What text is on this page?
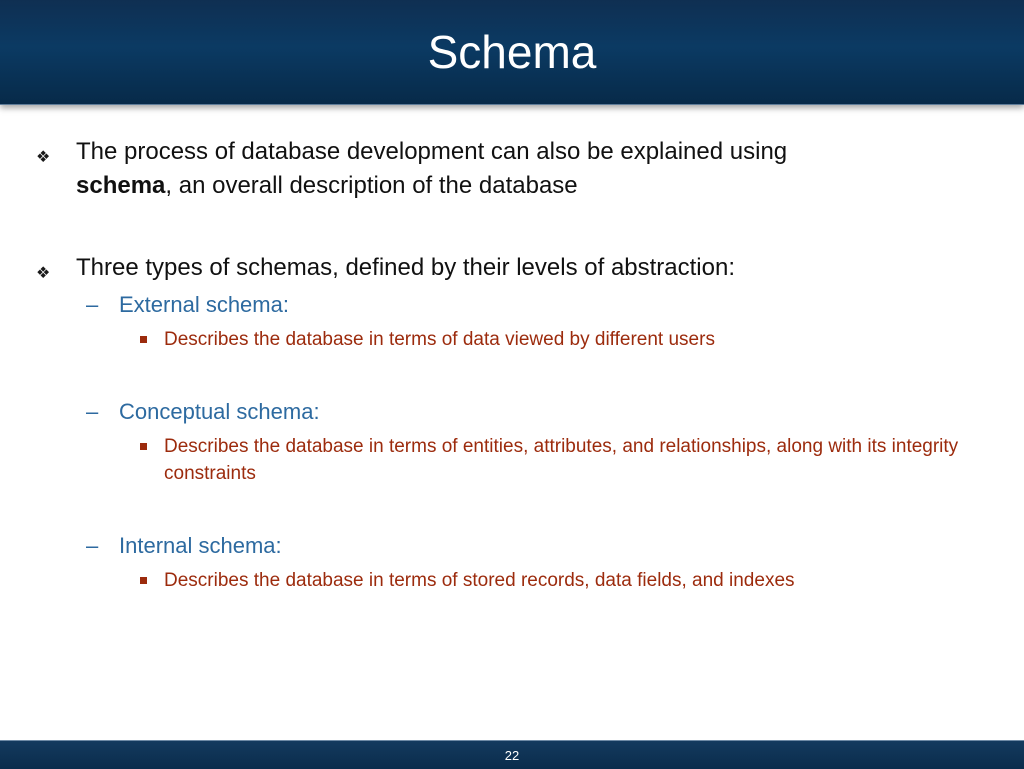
Schema
❖ The process of database development can also be explained using
schema, an overall description of the database
❖ Three types of schemas, defined by their levels of abstraction:
– External schema:
Describes the database in terms of data viewed by different users
– Conceptual schema:
Describes the database in terms of entities, attributes, and relationships, along with its integrity constraints
– Internal schema:
Describes the database in terms of stored records, data fields, and indexes
22
